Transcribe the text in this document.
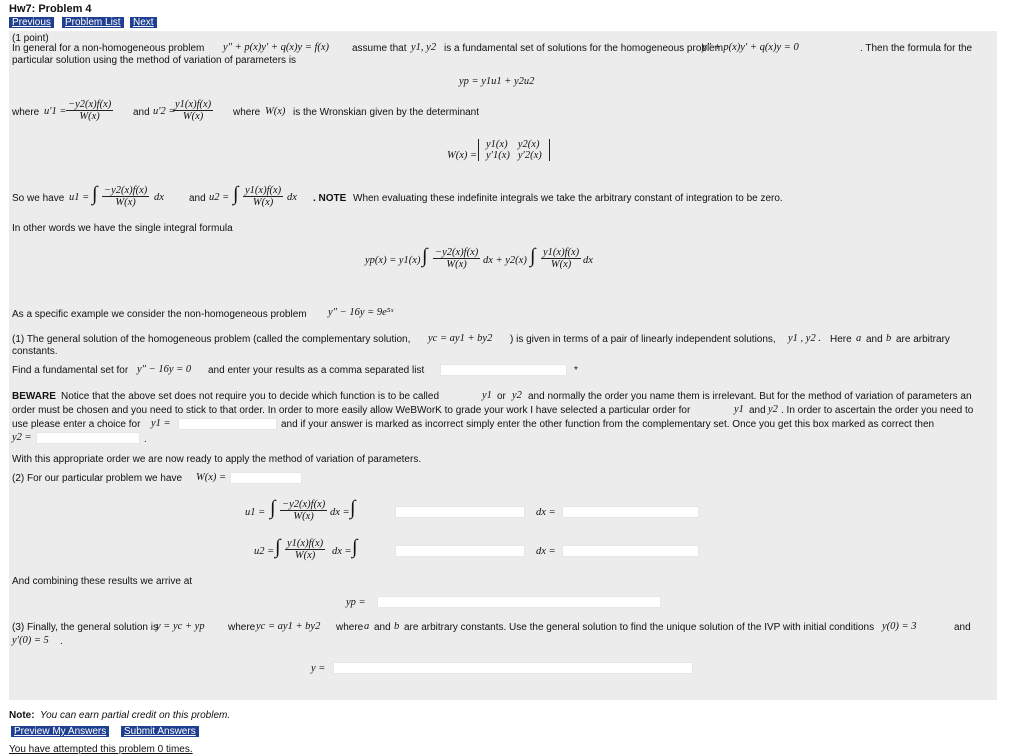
Hw7: Problem 4
Previous	Problem List	Next
(1 point)
In general for a non-homogeneous problem y″ + p(x)y′ + q(x)y = f(x) assume that y1, y2 is a fundamental set of solutions for the homogeneous problem
y″ + p(x)y′ + q(x)y = 0	. Then the formula for the
particular solution using the method of variation of parameters is
yp = y1u1 + y2u2
where $u'1 = \frac{-y2(x)f(x)}{W(x)}$ and u′2 =
$\frac{y1(x)f(x)}{W(x)}$ where W(x) is the Wronskian given by the determinant
W(x) =
y1(x)	y2(x)
y′1(x)	y′2(x)
So we have u1 = ∫ $\frac{-y2(x)f(x)}{W(x)}$ dx	and u2 = ∫ $\frac{y1(x)f(x)}{W(x)}$ dx . NOTE When evaluating these indefinite integrals we take the arbitrary constant of integration to be zero.
In other words we have the single integral formula
yp(x) = y1(x) ∫ $\frac{-y2(x)f(x)}{W(x)}$ dx + y2(x) ∫ $\frac{y1(x)f(x)}{W(x)}$ dx
As a specific example we consider the non-homogeneous problem y″ − 16y = 9e⁵ˣ
(1) The general solution of the homogeneous problem (called the complementary solution, yc = ay1 + by2 ) is given in terms of a pair of linearly independent solutions, y1 , y2 . Here a and b are arbitrary
constants.
Find a fundamental set for y″ − 16y = 0 and enter your results as a comma separated list	*
BEWARE Notice that the above set does not require you to decide which function is to be called	y1 or y2 and normally the order you name them is irrelevant. But for the method of variation of parameters an
order must be chosen and you need to stick to that order. In order to more easily allow WeBWorK to grade your work I have selected a particular order for	y1 and y2 . In order to ascertain the order you need to
use please enter a choice for y1 =	and if your answer is marked as incorrect simply enter the other function from the complementary set. Once you get this box marked as correct then
y2 =	.
With this appropriate order we are now ready to apply the method of variation of parameters.
(2) For our particular problem we have W(x) =
u1 = ∫ $\frac{-y2(x)f(x)}{W(x)}$ dx = ∫	dx =
u2 = ∫ $\frac{y1(x)f(x)}{W(x)}$ dx = ∫	dx =
And combining these results we arrive at
yp =
(3) Finally, the general solution is
y = yc + yp where yc = ay1 + by2 where a and b are arbitrary constants. Use the general solution to find the unique solution of the IVP with initial conditions y(0) = 3	and
y′(0) = 5 .
y =
Note: You can earn partial credit on this problem.
Preview My Answers	Submit Answers
You have attempted this problem 0 times.
